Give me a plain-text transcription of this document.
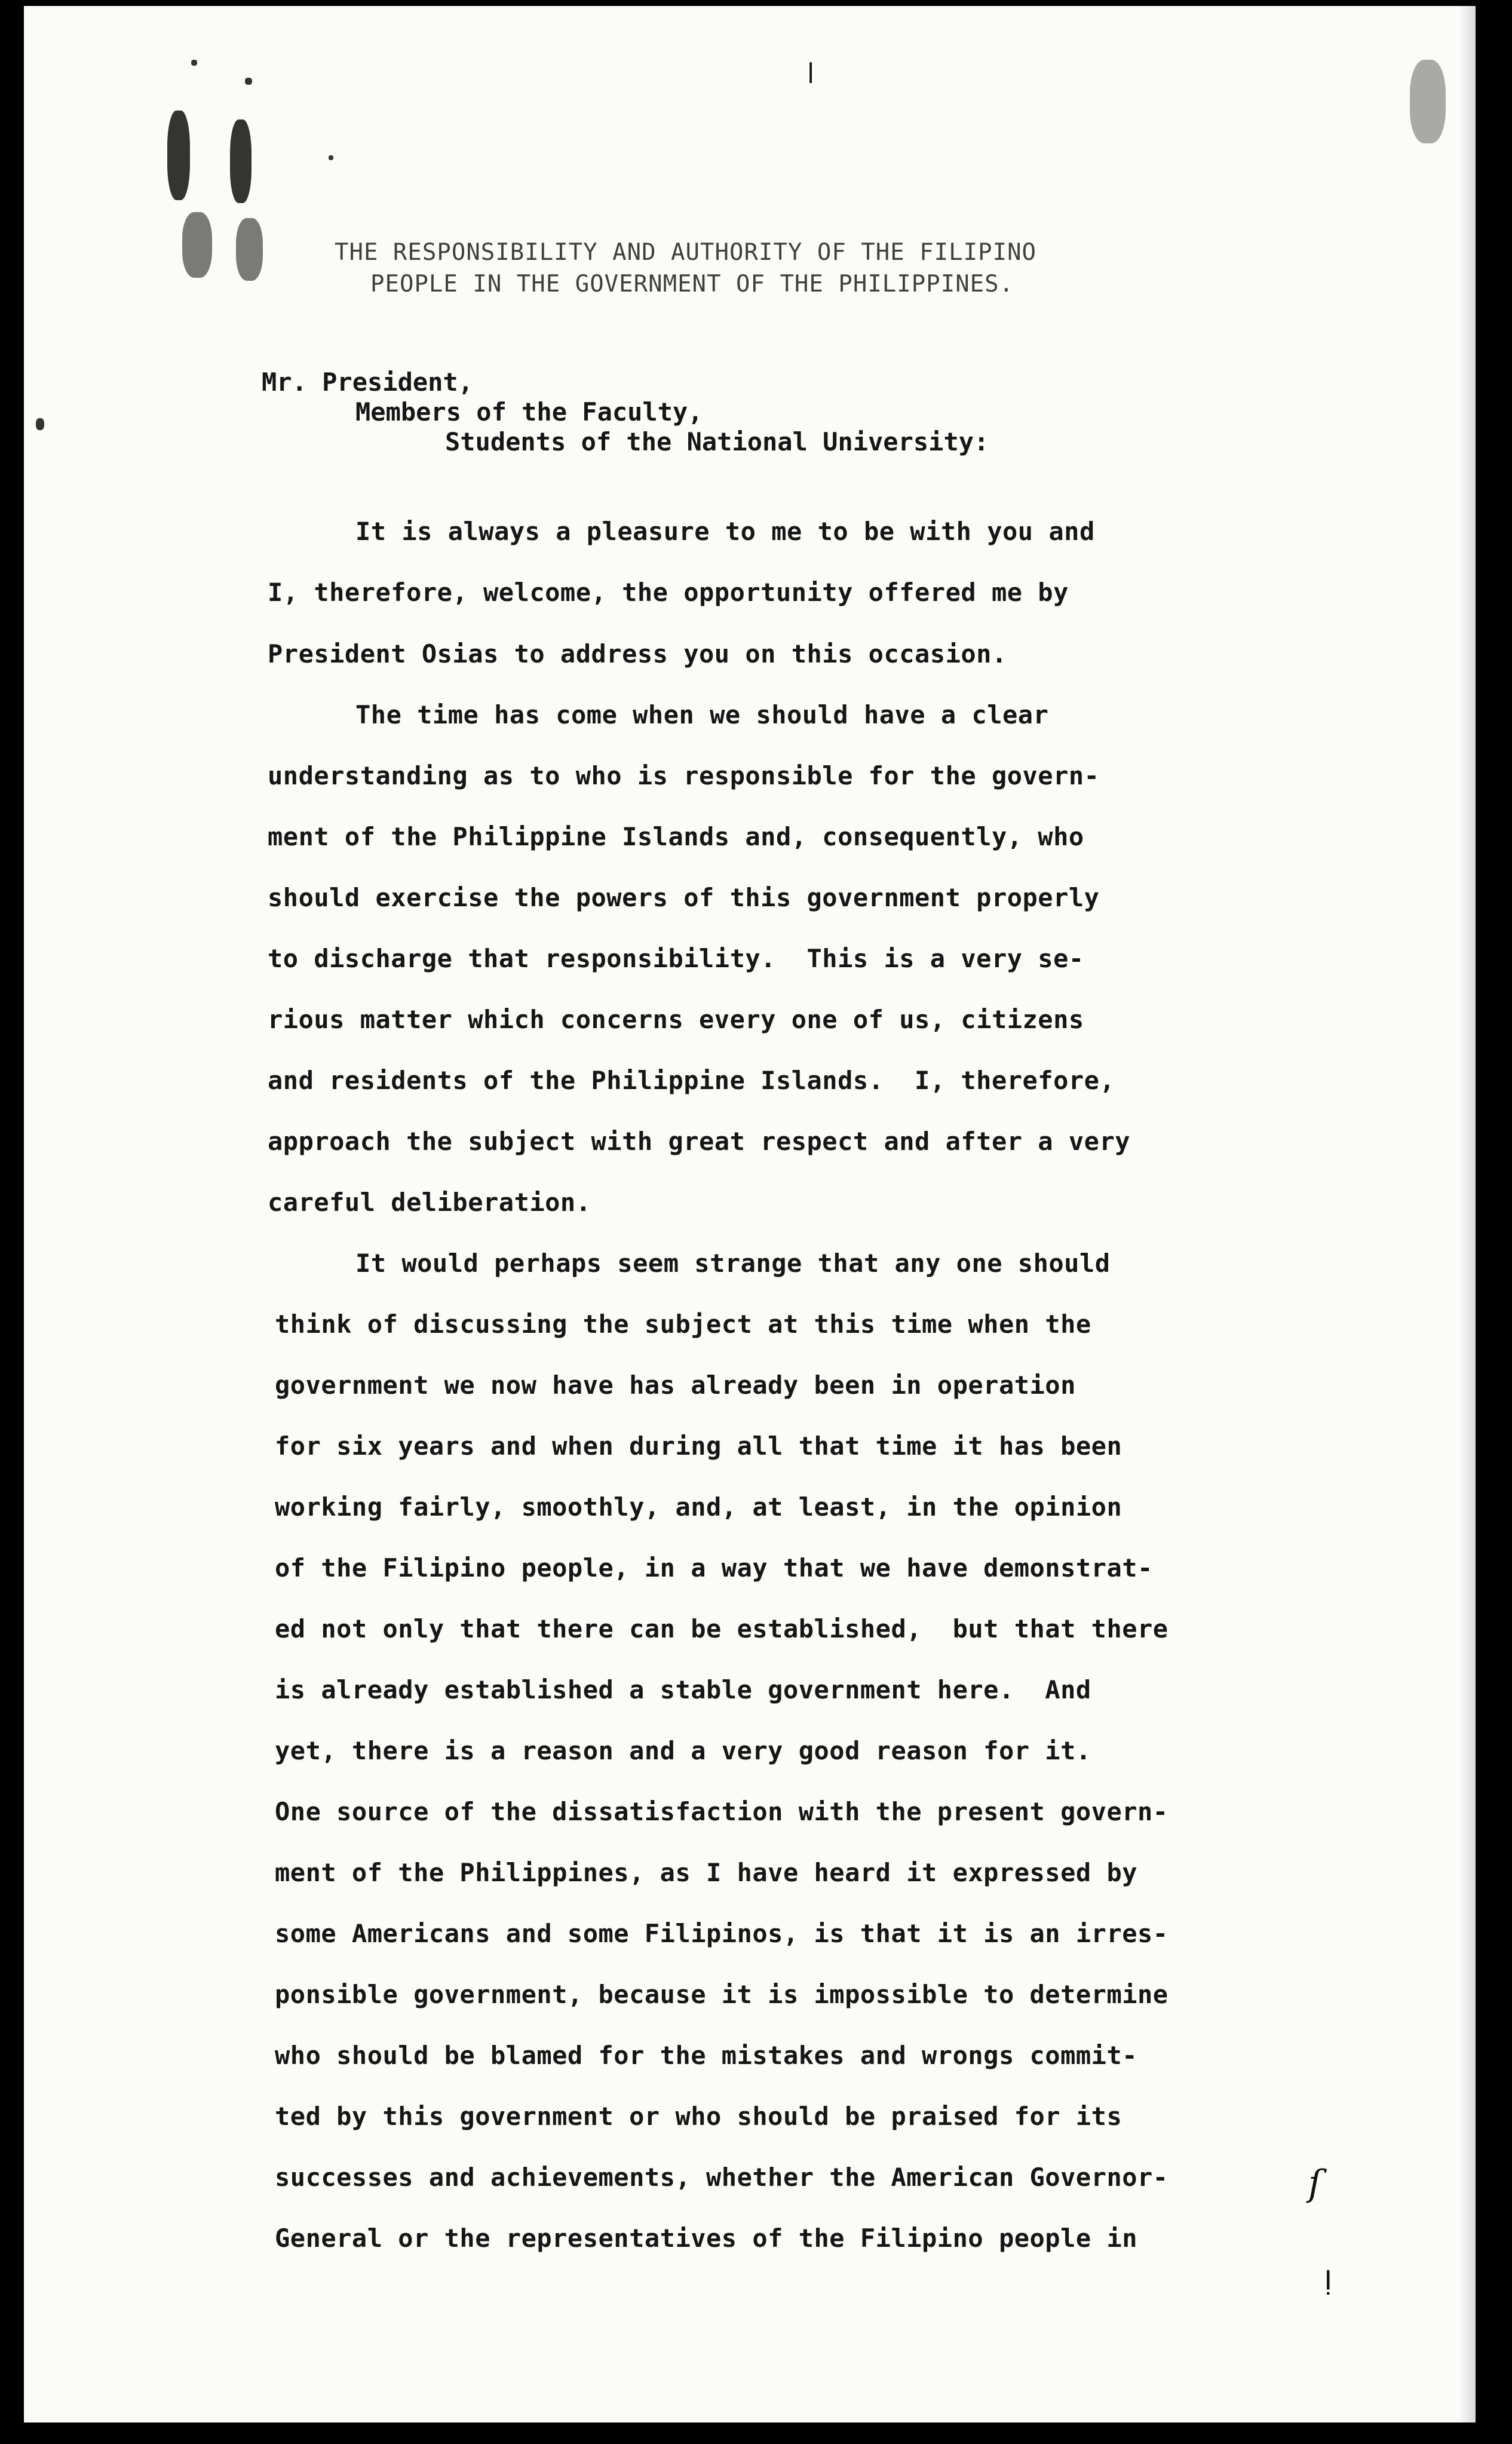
THE RESPONSIBILITY AND AUTHORITY OF THE FILIPINO
PEOPLE IN THE GOVERNMENT OF THE PHILIPPINES.
Mr. President,
Members of the Faculty,
Students of the National University:
It is always a pleasure to me to be with you and
I, therefore, welcome, the opportunity offered me by
President Osias to address you on this occasion.
The time has come when we should have a clear
understanding as to who is responsible for the govern-
ment of the Philippine Islands and, consequently, who
should exercise the powers of this government properly
to discharge that responsibility.  This is a very se-
rious matter which concerns every one of us, citizens
and residents of the Philippine Islands.  I, therefore,
approach the subject with great respect and after a very
careful deliberation.
It would perhaps seem strange that any one should
think of discussing the subject at this time when the
government we now have has already been in operation
for six years and when during all that time it has been
working fairly, smoothly, and, at least, in the opinion
of the Filipino people, in a way that we have demonstrat-
ed not only that there can be established,  but that there
is already established a stable government here.  And
yet, there is a reason and a very good reason for it.
One source of the dissatisfaction with the present govern-
ment of the Philippines, as I have heard it expressed by
some Americans and some Filipinos, is that it is an irres-
ponsible government, because it is impossible to determine
who should be blamed for the mistakes and wrongs commit-
ted by this government or who should be praised for its
successes and achievements, whether the American Governor-
General or the representatives of the Filipino people in
ſ
ǃ
ǀ
